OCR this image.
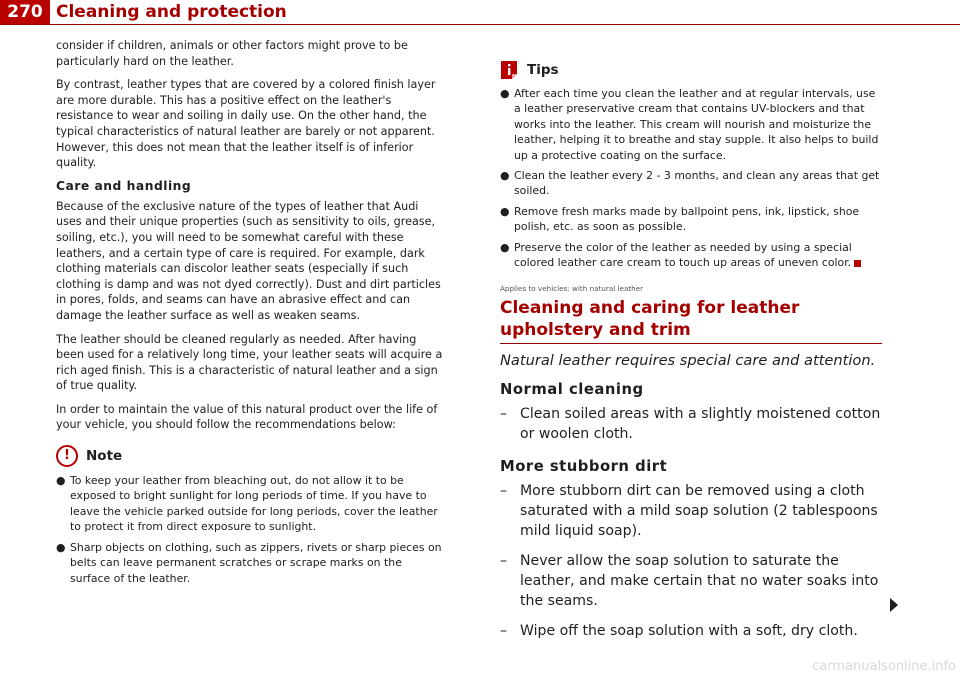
270 Cleaning and protection

consider if children, animals or other factors might prove to be particularly hard on the leather.

By contrast, leather types that are covered by a colored finish layer are more durable. This has a positive effect on the leather's resistance to wear and soiling in daily use. On the other hand, the typical characteristics of natural leather are barely or not apparent. However, this does not mean that the leather itself is of inferior quality.

Care and handling

Because of the exclusive nature of the types of leather that Audi uses and their unique properties (such as sensitivity to oils, grease, soiling, etc.), you will need to be somewhat careful with these leathers, and a certain type of care is required. For example, dark clothing materials can discolor leather seats (especially if such clothing is damp and was not dyed correctly). Dust and dirt particles in pores, folds, and seams can have an abrasive effect and can damage the leather surface as well as weaken seams.

The leather should be cleaned regularly as needed. After having been used for a relatively long time, your leather seats will acquire a rich aged finish. This is a characteristic of natural leather and a sign of true quality.

In order to maintain the value of this natural product over the life of your vehicle, you should follow the recommendations below:

!	Note
● To keep your leather from bleaching out, do not allow it to be exposed to bright sunlight for long periods of time. If you have to leave the vehicle parked outside for long periods, cover the leather to protect it from direct exposure to sunlight.
● Sharp objects on clothing, such as zippers, rivets or sharp pieces on belts can leave permanent scratches or scrape marks on the surface of the leather.
Tips
● After each time you clean the leather and at regular intervals, use a leather preservative cream that contains UV-blockers and that works into the leather. This cream will nourish and moisturize the leather, helping it to breathe and stay supple. It also helps to build up a protective coating on the surface.
● Clean the leather every 2 - 3 months, and clean any areas that get soiled.
● Remove fresh marks made by ballpoint pens, ink, lipstick, shoe polish, etc. as soon as possible.
● Preserve the color of the leather as needed by using a special colored leather care cream to touch up areas of uneven color.
Applies to vehicles: with natural leather
Cleaning and caring for leather upholstery and trim
Natural leather requires special care and attention.
Normal cleaning
– Clean soiled areas with a slightly moistened cotton or woolen cloth.
More stubborn dirt
– More stubborn dirt can be removed using a cloth saturated with a mild soap solution (2 tablespoons mild liquid soap).
– Never allow the soap solution to saturate the leather, and make certain that no water soaks into the seams.
– Wipe off the soap solution with a soft, dry cloth.
carmanualsonline.info
